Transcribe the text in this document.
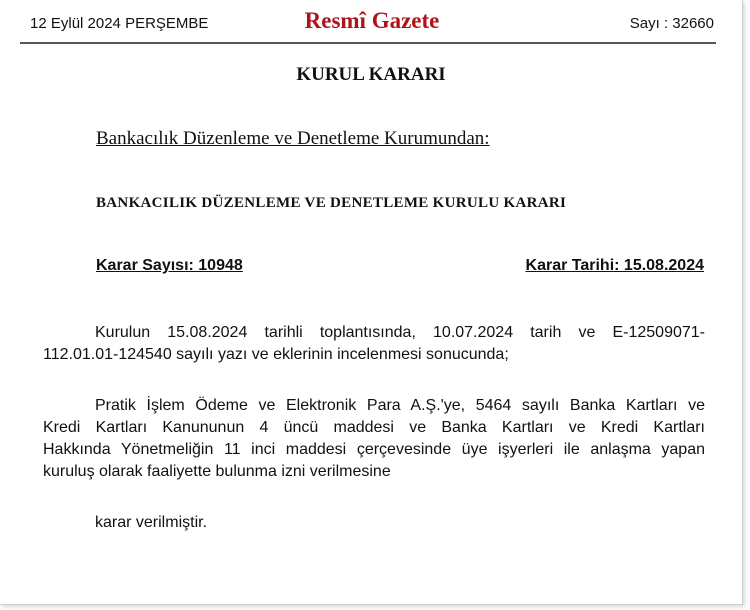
12 Eylül 2024 PERŞEMBE	Resmî Gazete	Sayı : 32660
KURUL KARARI
Bankacılık Düzenleme ve Denetleme Kurumundan:
BANKACILIK DÜZENLEME VE DENETLEME KURULU KARARI
Karar Sayısı: 10948	Karar Tarihi: 15.08.2024
Kurulun 15.08.2024 tarihli toplantısında, 10.07.2024 tarih ve E-12509071-
112.01.01-124540 sayılı yazı ve eklerinin incelenmesi sonucunda;
Pratik İşlem Ödeme ve Elektronik Para A.Ş.'ye, 5464 sayılı Banka Kartları ve
Kredi Kartları Kanununun 4 üncü maddesi ve Banka Kartları ve Kredi Kartları
Hakkında Yönetmeliğin 11 inci maddesi çerçevesinde üye işyerleri ile anlaşma yapan
kuruluş olarak faaliyette bulunma izni verilmesine
karar verilmiştir.
